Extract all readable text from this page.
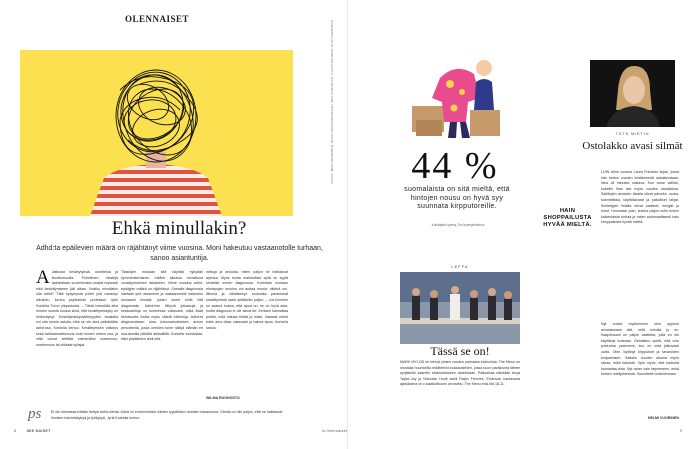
OLENNAISET
Ehkä minullakin?
Adhd:ta epäilevien määrä on räjähtänyt viime vuosina. Moni hakeutuu vastaanotolle turhaan, sanoo asiantuntija.
A Jatkuvia keskeytyksiä, unohtelua ja levottomuutta. Puhelimen viestejä tarkistetaan suurimmaksi osaksi nopeasti eikä keskittymiseen jää aikaa. Voisiko minullakin olla adhd? Tätä kysymystä pohtii yhä useampi aikuinen, kertoo psykiatrian professori Jyrki Korkeila Turun yliopistosta. – Tästä herkeilää aika monen suunta kuulua siinä, että keskittymiskyky on heikentynyt. Keskittymiskyvyttömyyden taustalla voi olla monia asioita, eikä se ole aina pelkästään adhd:ssa, Korkeila kertoo. Keskittymisen vaikeus sekä tarkkaamattomuus ovat monen oireen osa, ja niitä voivat selittää esimerkiksi masennus, unettomuus tai vilkkaat työajat.
Tilastojen mukaan sitä käyttää nykyään kymmenkertainen määrä aikuisia verrattuna vuosikymmenen takaiseen. Viime vuosina adhd-epäilyjen määrä on räjähtänyt. Samalla diagnoosia haetaan yhä useammin ja vastaanotoille hakeutuu runsaasti ihmisiä, joiden oireet eivät riitä diagnoosiin. Adhd:hen liittyviä julkaisuja ja keskusteluja on someessa valtavasti, mikä lisää tietoisuutta mutta myös vääriä tulkintoja. Adhd:ta diagnosoidaan aina kokonaisvaltaisen arvion perusteella, jossa oireiden tulee näkyä elämän eri osa-alueilla pitkällä aikavälillä. Korkeila muistuttaa, ettei yksittäinen testi riitä.
nettuja ja arvioida, miten paljon ne haittaavat arjessa. Myös muita mahdollisia syitä on syytä selvittää ennen diagnoosia. Korkeilan mukaan elintapojen muutos voi auttaa monia: riittävä uni, liikunta ja vähäisempi ruutuaika parantavat keskittymistä usein yllättävän paljon. – Jos ihminen on saanut kokea, että apua on, se on hyvä asia, mutta diagnoosi ei ole ainoa tie. Ihmisen kannattaa pohtia, mitä haluaa tietää ja miksi. Vakavat oireet tulee aina ottaa vakavasti ja hakea apua, Korkeila sanoo.
WILMA RUOHOSTO
ps	Ei ole olemassa mitään tiettyä adhd-oireita. Adhd on ennemminkin näiden tyypillisten oireiden kasautuma. Oireita on niin paljon, että ne haittaavat ihmisen toimintakykyä ja työkykyä, Jyrki Korkeila kertoo.
8	MIE NAISET	is.fi/menaiset
KUVAT: MIRA KOSKINEN, NOAH DEAN/UNSPLASH, MIIA SUOPELTO, ILLUSTRATIONS: SHUTTERSTOCK 44 %
suomalaista on sitä mieltä, että hintojen nousu on hyvä syy suunnata kirpputoreille.
Kuluttajien kysely, Tori kyselytutkimus
LEFFA
Tässä se on!
MARK MYLOD on tehnyt yhden vuoden parhaista elokuvista. The Menu on mustalla huumorilla leikittelevä kokkaustrilleri, jossa nuori pariskunta lähtee syrjäiselle saarelle eksklusiiviseen ravintolaan. Pääosissa nähdään Anya Taylor-Joy ja Nicholas Hoult sekä Ralph Fiennes. Elokuvan kantavana ajatuksena on ruokakulttuurin arvostelu. The Menu ensi-ilta 18.11.
TÄTÄ MIETIN
Ostolakko avasi silmät
HAIN SHOPPAILUSTA HYVÄÄ MIELTÄ.
LUIN viime vuonna Laura Frimanin kirjan, jossa hän kertoo vuoden kestäneestä ostolakostaan. Idea oli minusta loistava. Kun vuosi vaihtui, kokeilin ihan itse myös vuoden ostolakkoa. Sallittujen asioiden listalla olivat palvelut, ruoka, kosmetiikka, käyttötavarat ja pakolliset lahjat. Kiellettyjen listalla olivat vaatteet, kengät ja korut. Huomasin pian, kuinka paljon ostin ennen kaikenlaista turhaa ja miten automaattisesti hain shoppailusta hyvää mieltä.
Nyt vuotta myöhemmin olen oppinut arvostamaan sitä, mitä minulla jo on. Kaapeissani on paljon vaatteita, joita en ole käyttänyt koskaan. Ostolakko opetti, että voin pukeutua paremmin, kun en osta jatkuvasti uutta. Olen löytänyt kirpputorit ja tavaroiden korjaamisen. Säästin vuoden aikana myös rahaa, mikä ilahdutti. Opin myös, että harkinta kannattaa aina. Nyt ostan vain tarpeeseen, enkä hetken mielijohteesta. Suosittelen kokeilemaan.
HELMI VUORINEN
9
